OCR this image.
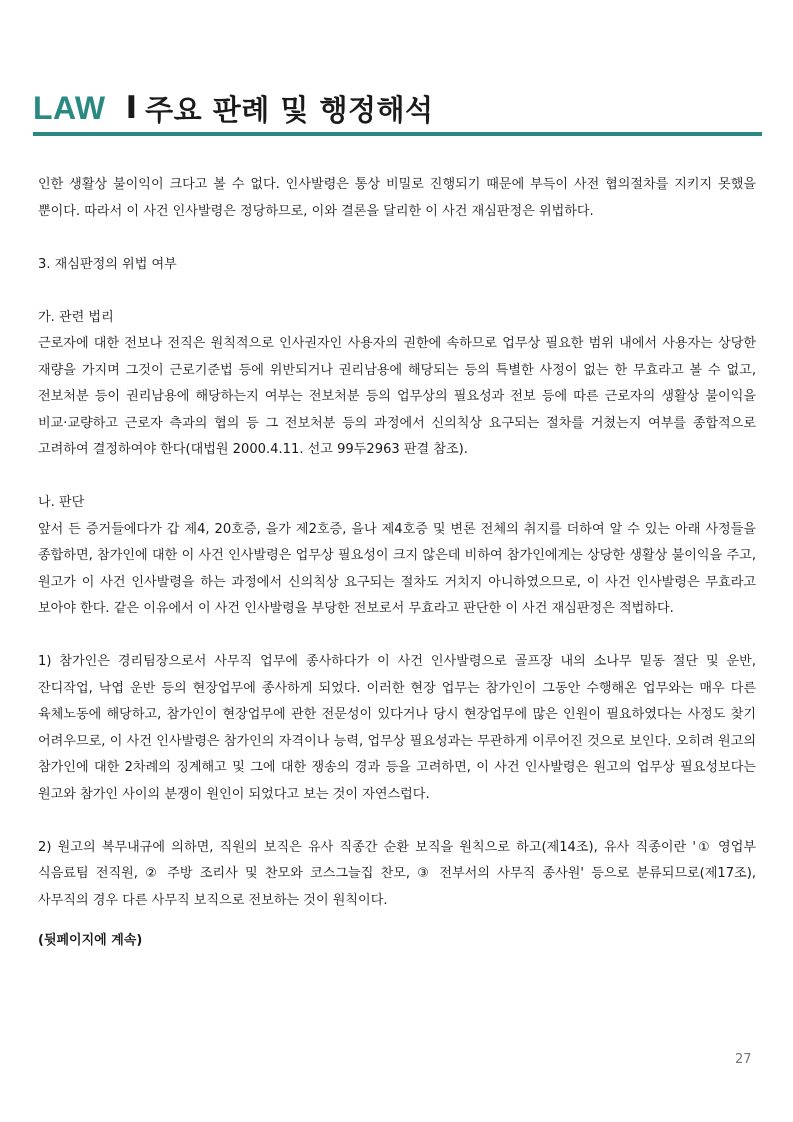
LAW I 주요 판례 및 행정해석

인한 생활상 불이익이 크다고 볼 수 없다. 인사발령은 통상 비밀로 진행되기 때문에 부득이 사전 협의절차를 지키지 못했을 뿐이다. 따라서 이 사건 인사발령은 정당하므로, 이와 결론을 달리한 이 사건 재심판정은 위법하다.

3. 재심판정의 위법 여부

가. 관련 법리

근로자에 대한 전보나 전직은 원칙적으로 인사권자인 사용자의 권한에 속하므로 업무상 필요한 범위 내에서 사용자는 상당한 재량을 가지며 그것이 근로기준법 등에 위반되거나 권리남용에 해당되는 등의 특별한 사정이 없는 한 무효라고 볼 수 없고, 전보처분 등이 권리남용에 해당하는지 여부는 전보처분 등의 업무상의 필요성과 전보 등에 따른 근로자의 생활상 불이익을 비교·교량하고 근로자 측과의 협의 등 그 전보처분 등의 과정에서 신의칙상 요구되는 절차를 거쳤는지 여부를 종합적으로 고려하여 결정하여야 한다(대법원 2000.4.11. 선고 99두2963 판결 참조).

나. 판단

앞서 든 증거들에다가 갑 제4, 20호증, 을가 제2호증, 을나 제4호증 및 변론 전체의 취지를 더하여 알 수 있는 아래 사정들을 종합하면, 참가인에 대한 이 사건 인사발령은 업무상 필요성이 크지 않은데 비하여 참가인에게는 상당한 생활상 불이익을 주고, 원고가 이 사건 인사발령을 하는 과정에서 신의칙상 요구되는 절차도 거치지 아니하였으므로, 이 사건 인사발령은 무효라고 보아야 한다. 같은 이유에서 이 사건 인사발령을 부당한 전보로서 무효라고 판단한 이 사건 재심판정은 적법하다.

1) 참가인은 경리팀장으로서 사무직 업무에 종사하다가 이 사건 인사발령으로 골프장 내의 소나무 밑동 절단 및 운반, 잔디작업, 낙엽 운반 등의 현장업무에 종사하게 되었다. 이러한 현장 업무는 참가인이 그동안 수행해온 업무와는 매우 다른 육체노동에 해당하고, 참가인이 현장업무에 관한 전문성이 있다거나 당시 현장업무에 많은 인원이 필요하였다는 사정도 찾기 어려우므로, 이 사건 인사발령은 참가인의 자격이나 능력, 업무상 필요성과는 무관하게 이루어진 것으로 보인다. 오히려 원고의 참가인에 대한 2차례의 징계해고 및 그에 대한 쟁송의 경과 등을 고려하면, 이 사건 인사발령은 원고의 업무상 필요성보다는 원고와 참가인 사이의 분쟁이 원인이 되었다고 보는 것이 자연스럽다.

2) 원고의 복무내규에 의하면, 직원의 보직은 유사 직종간 순환 보직을 원칙으로 하고(제14조), 유사 직종이란 '① 영업부 식음료팀 전직원, ② 주방 조리사 및 찬모와 코스그늘집 찬모, ③ 전부서의 사무직 종사원' 등으로 분류되므로(제17조), 사무직의 경우 다른 사무직 보직으로 전보하는 것이 원칙이다.

(뒷페이지에 계속)

27
